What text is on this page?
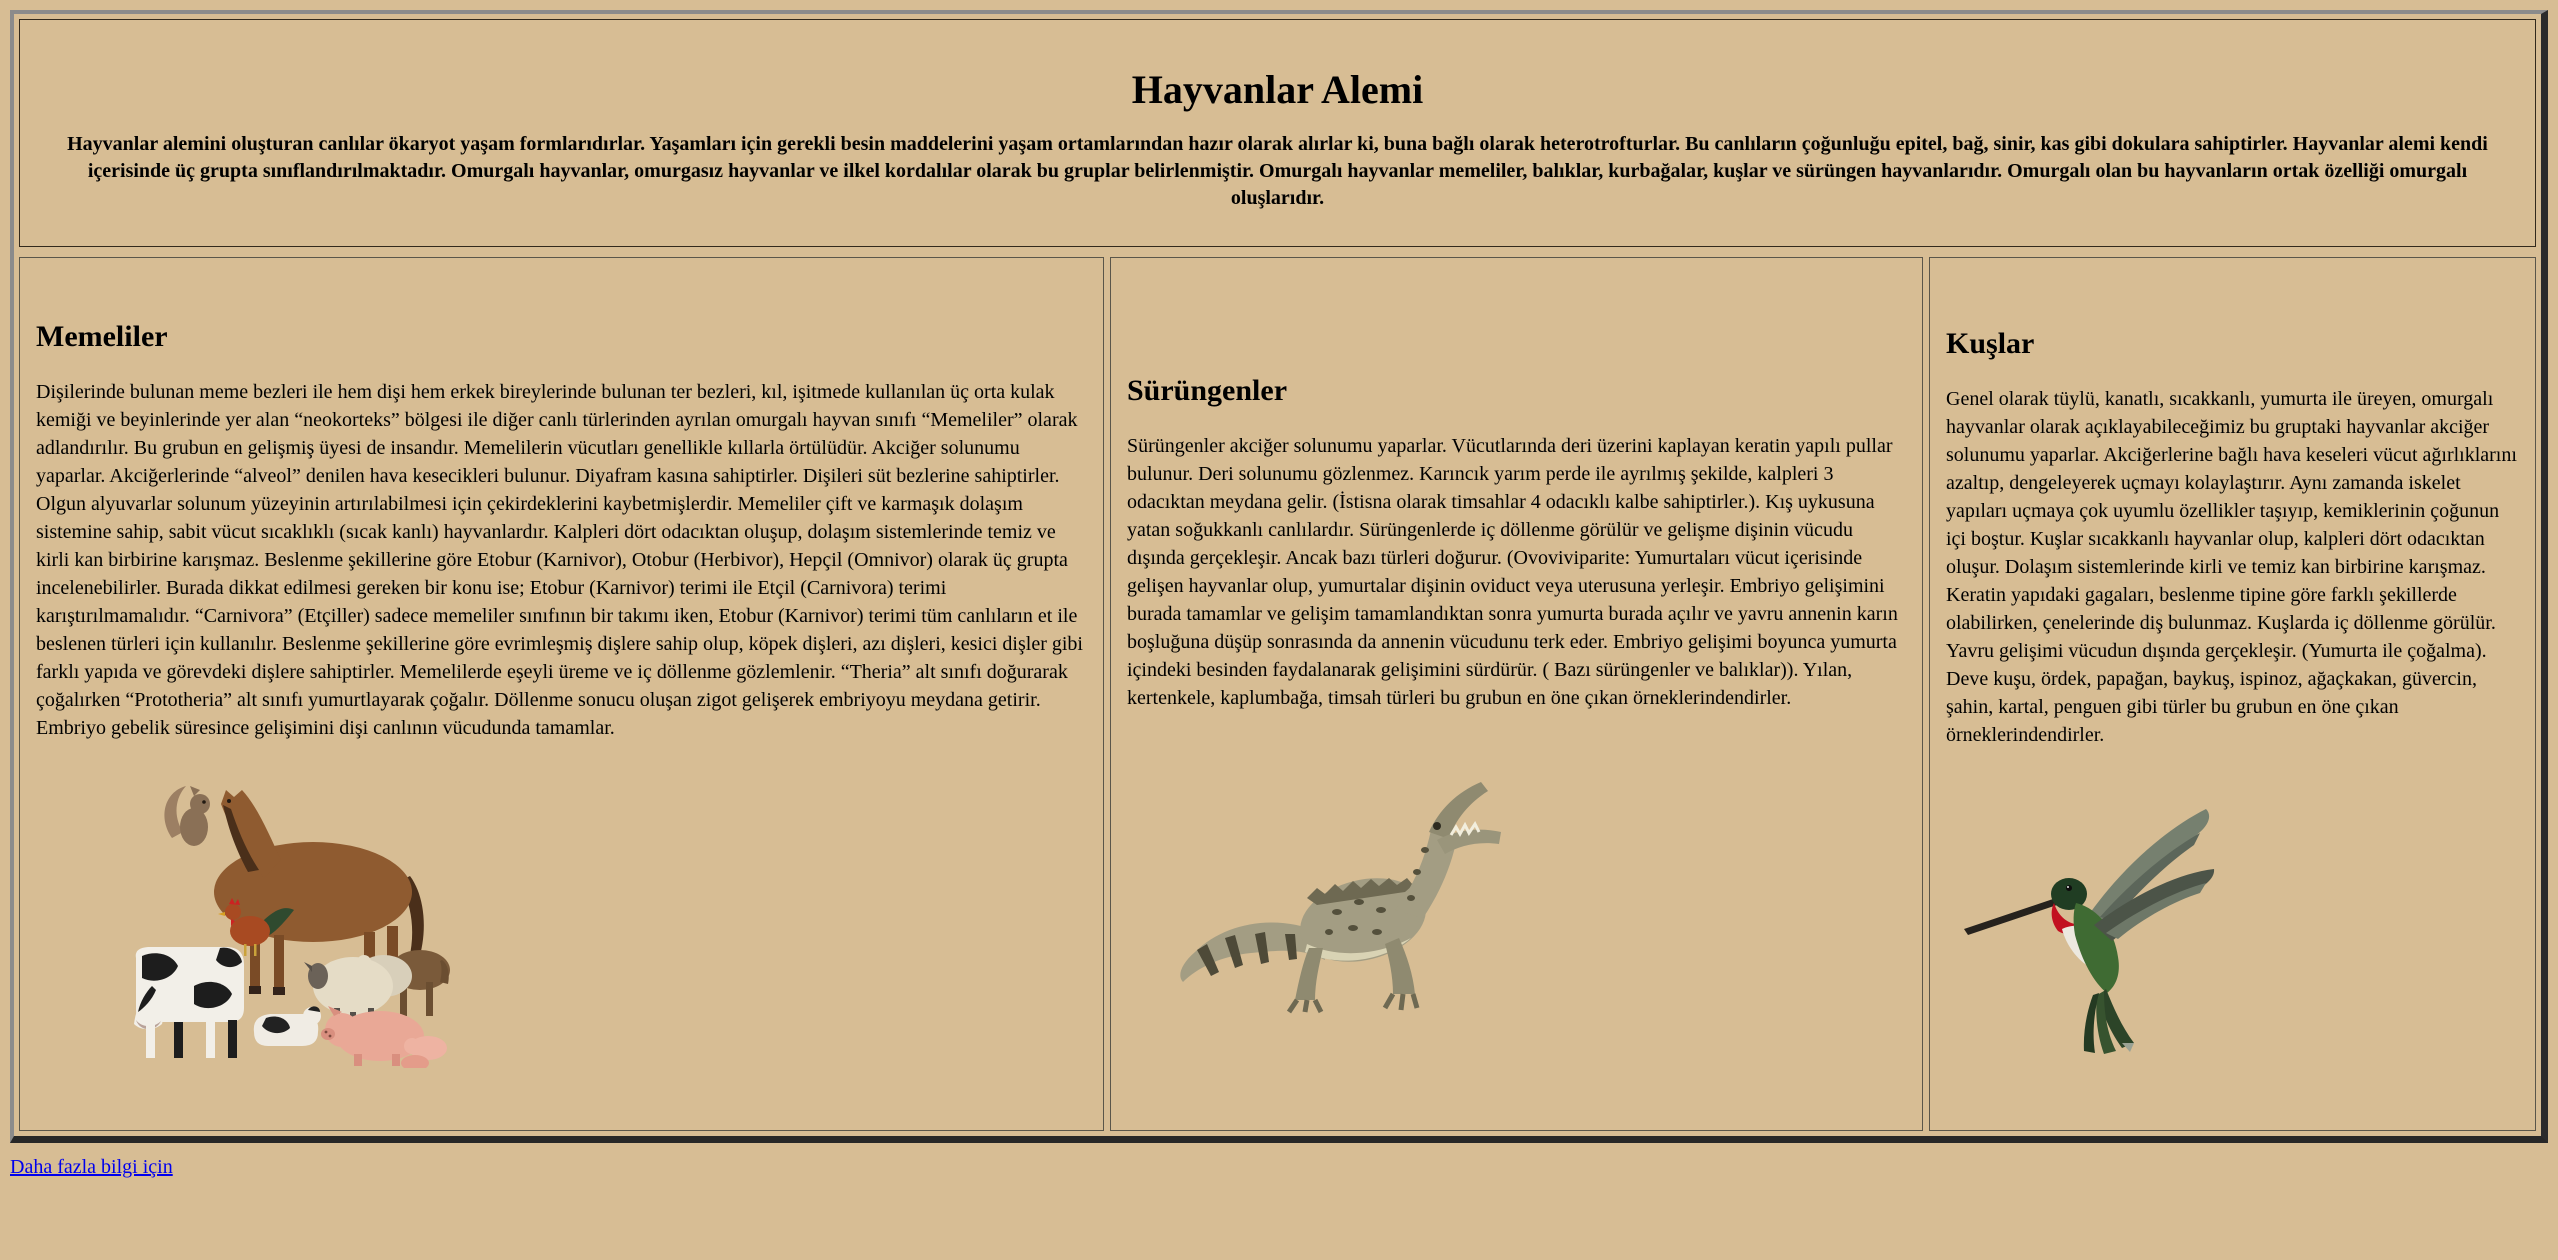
Hayvanlar Alemi

Hayvanlar alemini oluşturan canlılar ökaryot yaşam formlarıdırlar. Yaşamları için gerekli besin maddelerini yaşam ortamlarından hazır olarak alırlar ki, buna bağlı olarak heterotrofturlar. Bu canlıların çoğunluğu epitel, bağ, sinir, kas gibi dokulara sahiptirler. Hayvanlar alemi kendi içerisinde üç grupta sınıflandırılmaktadır. Omurgalı hayvanlar, omurgasız hayvanlar ve ilkel kordalılar olarak bu gruplar belirlenmiştir. Omurgalı hayvanlar memeliler, balıklar, kurbağalar, kuşlar ve sürüngen hayvanlarıdır. Omurgalı olan bu hayvanların ortak özelliği omurgalı oluşlarıdır.

Memeliler

Dişilerinde bulunan meme bezleri ile hem dişi hem erkek bireylerinde bulunan ter bezleri, kıl, işitmede kullanılan üç orta kulak kemiği ve beyinlerinde yer alan “neokorteks” bölgesi ile diğer canlı türlerinden ayrılan omurgalı hayvan sınıfı “Memeliler” olarak adlandırılır. Bu grubun en gelişmiş üyesi de insandır. Memelilerin vücutları genellikle kıllarla örtülüdür. Akciğer solunumu yaparlar. Akciğerlerinde “alveol” denilen hava kesecikleri bulunur. Diyafram kasına sahiptirler. Dişileri süt bezlerine sahiptirler. Olgun alyuvarlar solunum yüzeyinin artırılabilmesi için çekirdeklerini kaybetmişlerdir. Memeliler çift ve karmaşık dolaşım sistemine sahip, sabit vücut sıcaklıklı (sıcak kanlı) hayvanlardır. Kalpleri dört odacıktan oluşup, dolaşım sistemlerinde temiz ve kirli kan birbirine karışmaz. Beslenme şekillerine göre Etobur (Karnivor), Otobur (Herbivor), Hepçil (Omnivor) olarak üç grupta incelenebilirler. Burada dikkat edilmesi gereken bir konu ise; Etobur (Karnivor) terimi ile Etçil (Carnivora) terimi karıştırılmamalıdır. “Carnivora” (Etçiller) sadece memeliler sınıfının bir takımı iken, Etobur (Karnivor) terimi tüm canlıların et ile beslenen türleri için kullanılır. Beslenme şekillerine göre evrimleşmiş dişlere sahip olup, köpek dişleri, azı dişleri, kesici dişler gibi farklı yapıda ve görevdeki dişlere sahiptirler. Memelilerde eşeyli üreme ve iç döllenme gözlemlenir. “Theria” alt sınıfı doğurarak çoğalırken “Prototheria” alt sınıfı yumurtlayarak çoğalır. Döllenme sonucu oluşan zigot gelişerek embriyoyu meydana getirir. Embriyo gebelik süresince gelişimini dişi canlının vücudunda tamamlar.

Sürüngenler

Sürüngenler akciğer solunumu yaparlar. Vücutlarında deri üzerini kaplayan keratin yapılı pullar bulunur. Deri solunumu gözlenmez. Karıncık yarım perde ile ayrılmış şekilde, kalpleri 3 odacıktan meydana gelir. (İstisna olarak timsahlar 4 odacıklı kalbe sahiptirler.). Kış uykusuna yatan soğukkanlı canlılardır. Sürüngenlerde iç döllenme görülür ve gelişme dişinin vücudu dışında gerçekleşir. Ancak bazı türleri doğurur. (Ovoviviparite: Yumurtaları vücut içerisinde gelişen hayvanlar olup, yumurtalar dişinin oviduct veya uterusuna yerleşir. Embriyo gelişimini burada tamamlar ve gelişim tamamlandıktan sonra yumurta burada açılır ve yavru annenin karın boşluğuna düşüp sonrasında da annenin vücudunu terk eder. Embriyo gelişimi boyunca yumurta içindeki besinden faydalanarak gelişimini sürdürür. ( Bazı sürüngenler ve balıklar)). Yılan, kertenkele, kaplumbağa, timsah türleri bu grubun en öne çıkan örneklerindendirler.

Kuşlar

Genel olarak tüylü, kanatlı, sıcakkanlı, yumurta ile üreyen, omurgalı hayvanlar olarak açıklayabileceğimiz bu gruptaki hayvanlar akciğer solunumu yaparlar. Akciğerlerine bağlı hava keseleri vücut ağırlıklarını azaltıp, dengeleyerek uçmayı kolaylaştırır. Aynı zamanda iskelet yapıları uçmaya çok uyumlu özellikler taşıyıp, kemiklerinin çoğunun içi boştur. Kuşlar sıcakkanlı hayvanlar olup, kalpleri dört odacıktan oluşur. Dolaşım sistemlerinde kirli ve temiz kan birbirine karışmaz. Keratin yapıdaki gagaları, beslenme tipine göre farklı şekillerde olabilirken, çenelerinde diş bulunmaz. Kuşlarda iç döllenme görülür. Yavru gelişimi vücudun dışında gerçekleşir. (Yumurta ile çoğalma). Deve kuşu, ördek, papağan, baykuş, ispinoz, ağaçkakan, güvercin, şahin, kartal, penguen gibi türler bu grubun en öne çıkan örneklerindendirler.

Daha fazla bilgi için
